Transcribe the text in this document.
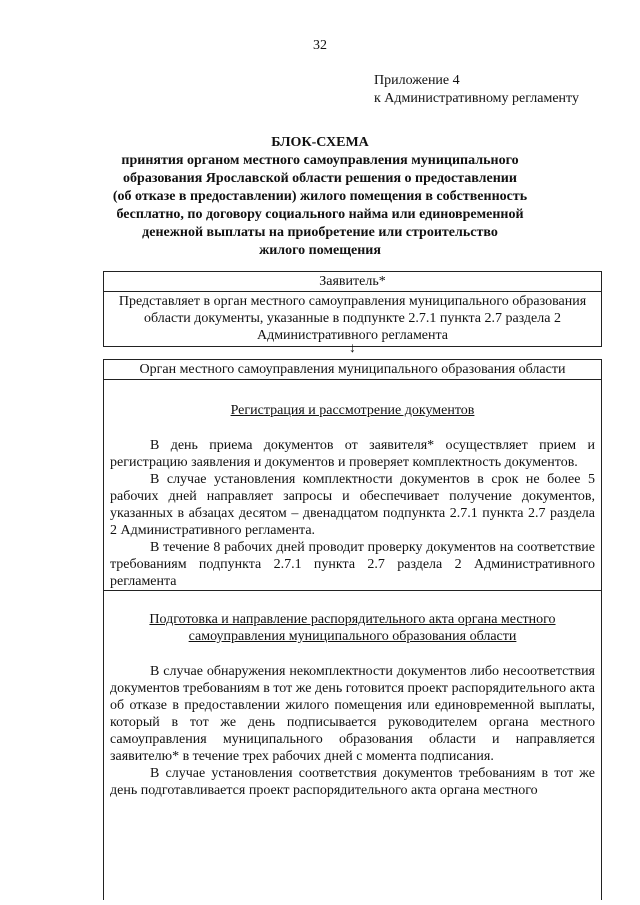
32
Приложение 4
к Административному регламенту
БЛОК-СХЕМА
принятия органом местного самоуправления муниципального
образования Ярославской области решения о предоставлении
(об отказе в предоставлении) жилого помещения в собственность
бесплатно, по договору социального найма или единовременной
денежной выплаты на приобретение или строительство
жилого помещения
Заявитель*
Представляет в орган местного самоуправления муниципального образования области документы, указанные в подпункте 2.7.1 пункта 2.7 раздела 2 Административного регламента
↓
Орган местного самоуправления муниципального образования области
Регистрация и рассмотрение документов

В день приема документов от заявителя* осуществляет прием и регистрацию заявления и документов и проверяет комплектность документов.

В случае установления комплектности документов в срок не более 5 рабочих дней направляет запросы и обеспечивает получение документов, указанных в абзацах десятом – двенадцатом подпункта 2.7.1 пункта 2.7 раздела 2 Административного регламента.

В течение 8 рабочих дней проводит проверку документов на соответствие требованиям подпункта 2.7.1 пункта 2.7 раздела 2 Административного регламента

Подготовка и направление распорядительного акта органа местного самоуправления муниципального образования области

В случае обнаружения некомплектности документов либо несоответствия документов требованиям в тот же день готовится проект распорядительного акта об отказе в предоставлении жилого помещения или единовременной выплаты, который в тот же день подписывается руководителем органа местного самоуправления муниципального образования области и направляется заявителю* в течение трех рабочих дней с момента подписания.

В случае установления соответствия документов требованиям в тот же день подготавливается проект распорядительного акта органа местного
